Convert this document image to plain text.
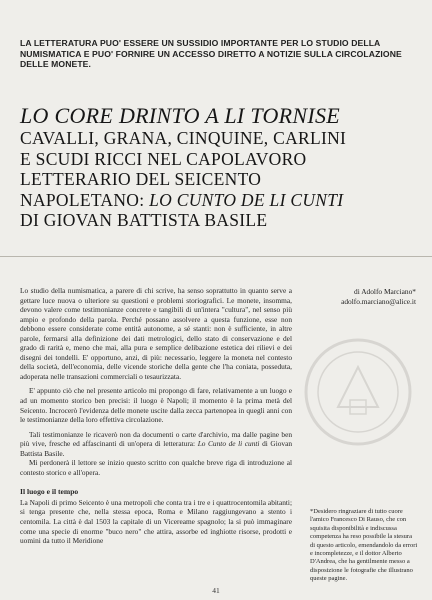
LA LETTERATURA PUO' ESSERE UN SUSSIDIO IMPORTANTE PER LO STUDIO DELLA NUMISMATICA E PUO' FORNIRE UN ACCESSO DIRETTO A NOTIZIE SULLA CIRCOLAZIONE DELLE MONETE.
LO CORE DRINTO A LI TORNISE
CAVALLI, GRANA, CINQUINE, CARLINI
E SCUDI RICCI NEL CAPOLAVORO
LETTERARIO DEL SEICENTO
NAPOLETANO: LO CUNTO DE LI CUNTI
DI GIOVAN BATTISTA BASILE
di Adolfo Marciano*
adolfo.marciano@alice.it

Lo studio della numismatica, a parere di chi scrive, ha senso soprattutto in quanto serve a gettare luce nuova o ulteriore su questioni e problemi storiografici. Le monete, insomma, devono valere come testimonianze concrete e tangibili di un'intera "cultura", nel senso più ampio e profondo della parola. Perché possano assolvere a questa funzione, esse non debbono essere considerate come entità autonome, a sé stanti: non è sufficiente, in altre parole, fermarsi alla definizione dei dati metrologici, dello stato di conservazione e del grado di rarità e, meno che mai, alla pura e semplice delibazione estetica dei rilievi e dei disegni dei tondelli. E' opportuno, anzi, di più: necessario, leggere la moneta nel contesto della società, dell'economia, delle vicende storiche della gente che l'ha coniata, posseduta, adoperata nelle transazioni commerciali o tesaurizzata.

E' appunto ciò che nel presente articolo mi propongo di fare, relativamente a un luogo e ad un momento storico ben precisi: il luogo è Napoli; il momento è la prima metà del Seicento. Incrocerò l'evidenza delle monete uscite dalla zecca partenopea in quegli anni con le testimonianze della loro effettiva circolazione.

Tali testimonianze le ricaverò non da documenti o carte d'archivio, ma dalle pagine ben più vive, fresche ed affascinanti di un'opera di letteratura: Lo Cunto de li cunti di Giovan Battista Basile.

Mi perdonerà il lettore se inizio questo scritto con qualche breve riga di introduzione al contesto storico e all'opera.

Il luogo e il tempo

La Napoli di primo Seicento è una metropoli che conta tra i tre e i quattrocentomila abitanti; si tenga presente che, nella stessa epoca, Roma e Milano raggiungevano a stento i centomila. La città è dal 1503 la capitale di un Vicereame spagnolo; la si può immaginare come una specie di enorme "buco nero" che attira, assorbe ed inghiotte risorse, prodotti e uomini da tutto il Meridione

*Desidero ringraziare di tutto cuore l'amico Francesco Di Rauso, che con squisita disponibilità e indiscussa competenza ha reso possibile la stesura di questo articolo, emendandolo da errori e incompletezze, e il dottor Alberto D'Andrea, che ha gentilmente messo a disposizione le fotografie che illustrano queste pagine.
41
